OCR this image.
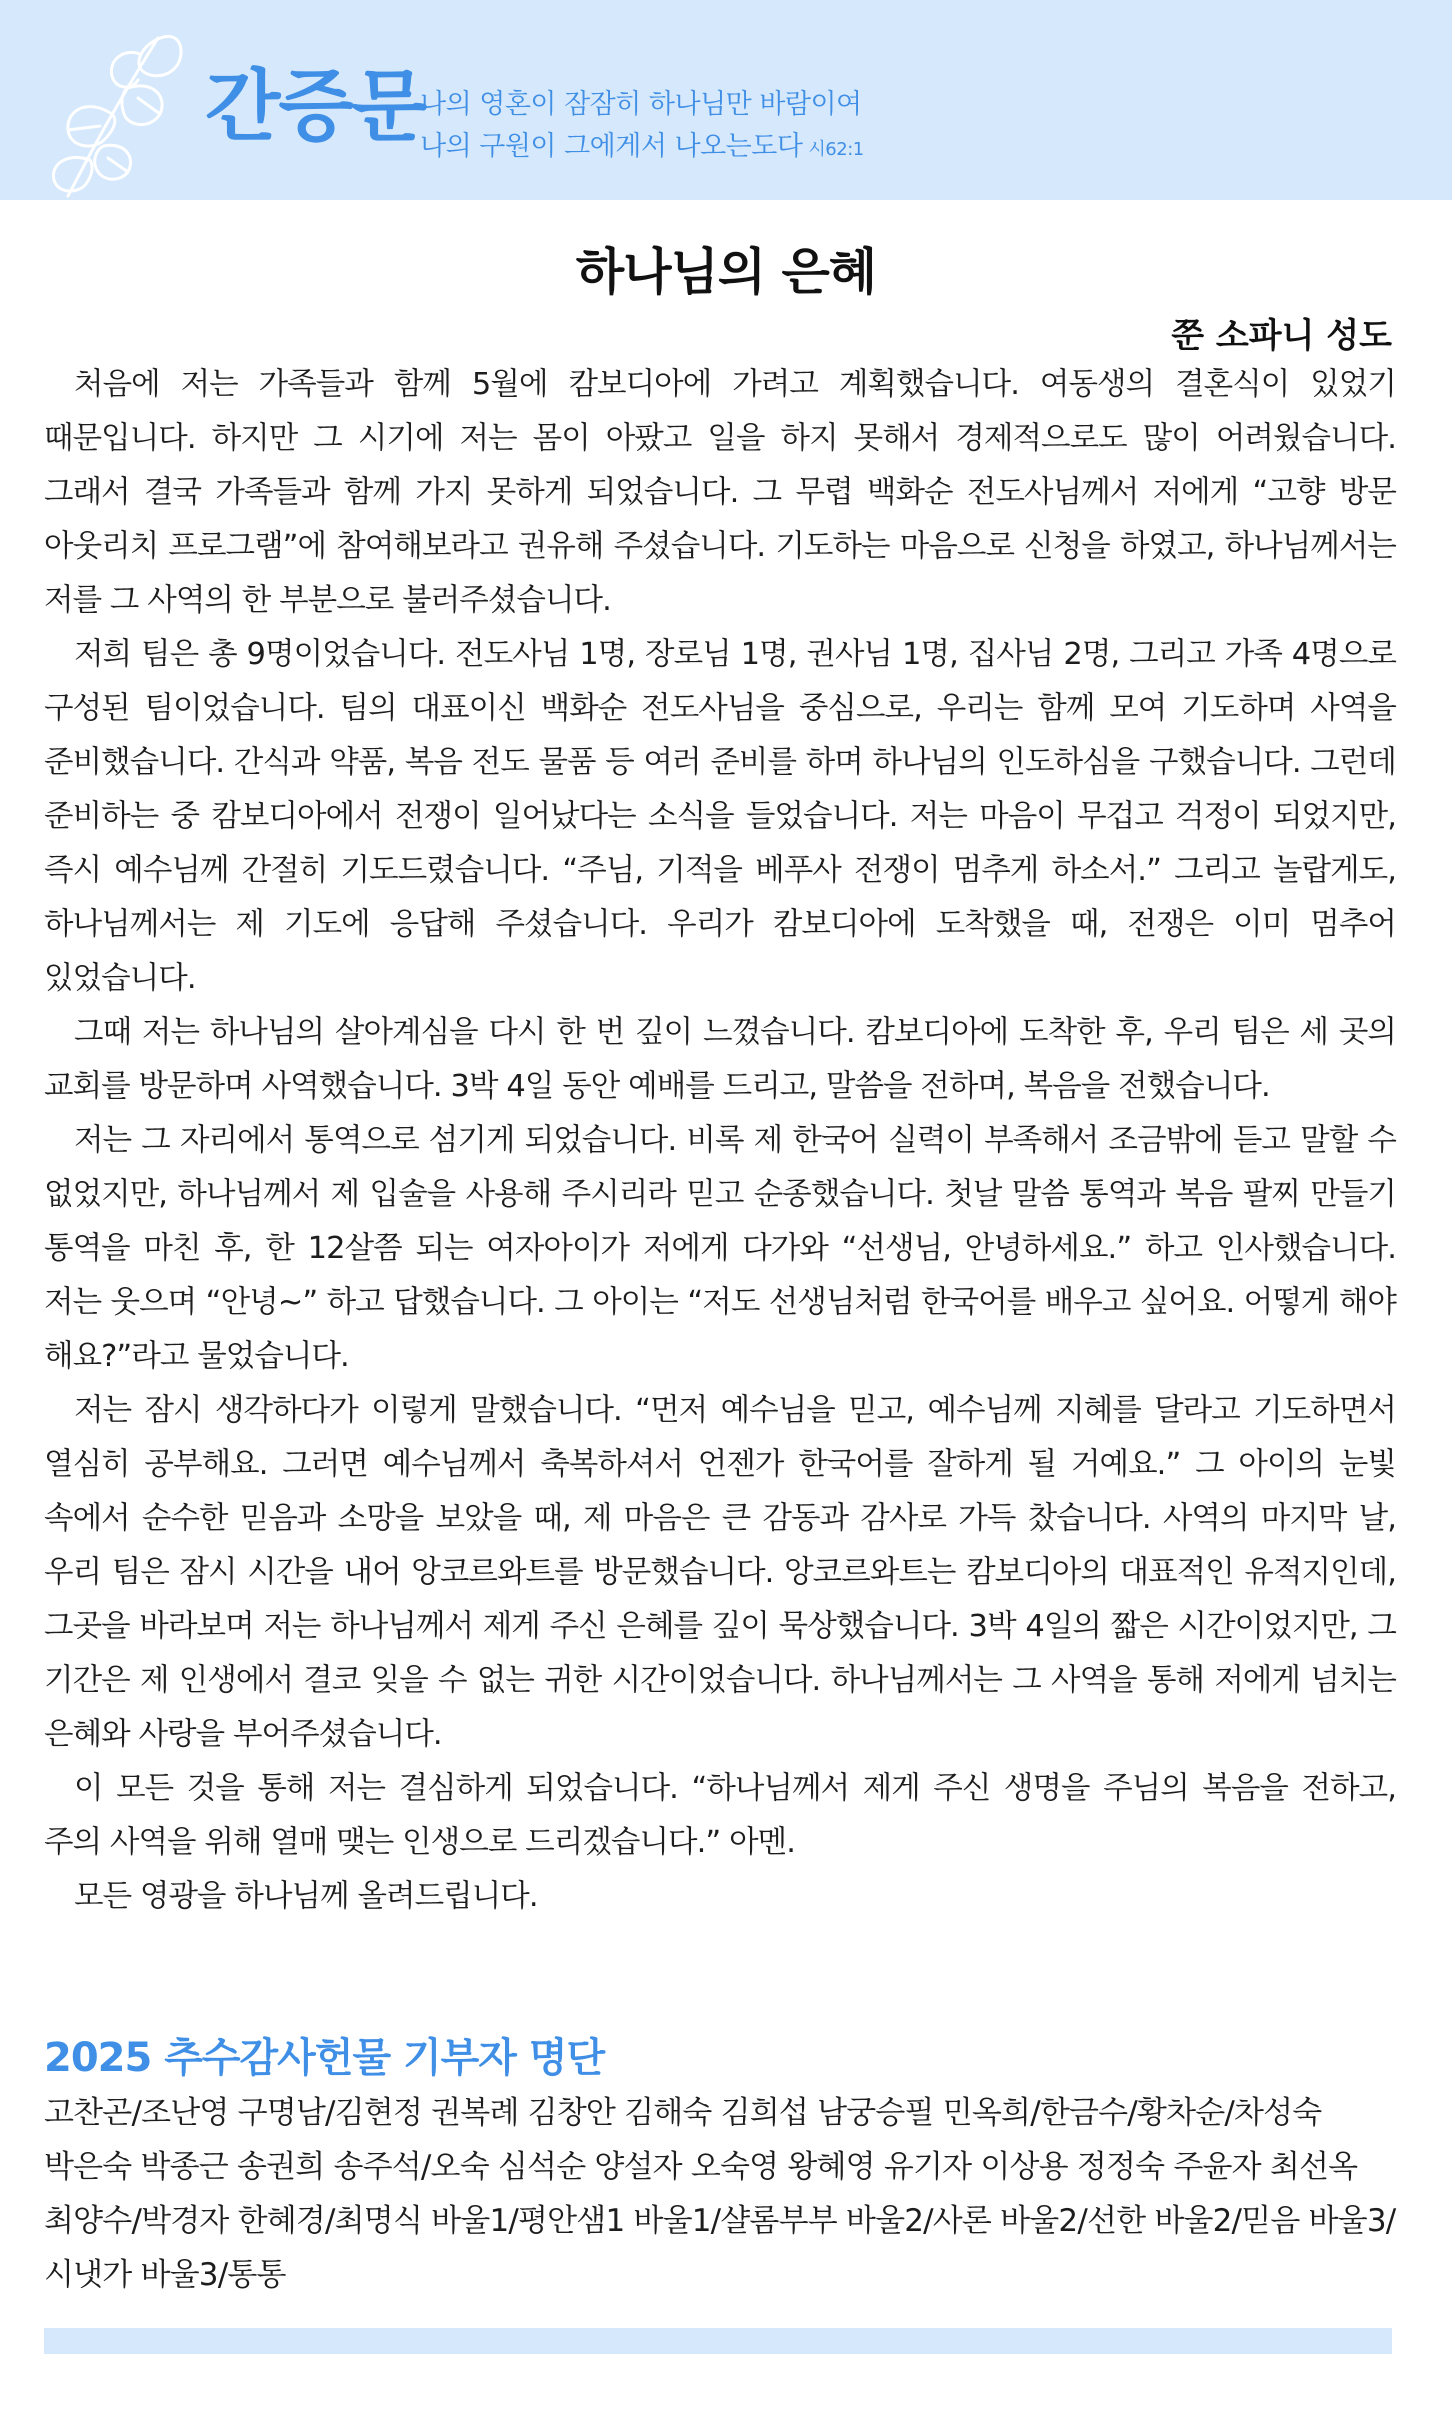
간증문
나의 영혼이 잠잠히 하나님만 바람이여
나의 구원이 그에게서 나오는도다 시62:1
하나님의 은혜
쭌 소파니 성도

처음에 저는 가족들과 함께 5월에 캄보디아에 가려고 계획했습니다. 여동생의 결혼식이 있었기 때문입니다. 하지만 그 시기에 저는 몸이 아팠고 일을 하지 못해서 경제적으로도 많이 어려웠습니다. 그래서 결국 가족들과 함께 가지 못하게 되었습니다. 그 무렵 백화순 전도사님께서 저에게 “고향 방문 아웃리치 프로그램”에 참여해보라고 권유해 주셨습니다. 기도하는 마음으로 신청을 하였고, 하나님께서는 저를 그 사역의 한 부분으로 불러주셨습니다.

저희 팀은 총 9명이었습니다. 전도사님 1명, 장로님 1명, 권사님 1명, 집사님 2명, 그리고 가족 4명으로 구성된 팀이었습니다. 팀의 대표이신 백화순 전도사님을 중심으로, 우리는 함께 모여 기도하며 사역을 준비했습니다. 간식과 약품, 복음 전도 물품 등 여러 준비를 하며 하나님의 인도하심을 구했습니다. 그런데 준비하는 중 캄보디아에서 전쟁이 일어났다는 소식을 들었습니다. 저는 마음이 무겁고 걱정이 되었지만, 즉시 예수님께 간절히 기도드렸습니다. “주님, 기적을 베푸사 전쟁이 멈추게 하소서.” 그리고 놀랍게도, 하나님께서는 제 기도에 응답해 주셨습니다. 우리가 캄보디아에 도착했을 때, 전쟁은 이미 멈추어 있었습니다.

그때 저는 하나님의 살아계심을 다시 한 번 깊이 느꼈습니다. 캄보디아에 도착한 후, 우리 팀은 세 곳의 교회를 방문하며 사역했습니다. 3박 4일 동안 예배를 드리고, 말씀을 전하며, 복음을 전했습니다.

저는 그 자리에서 통역으로 섬기게 되었습니다. 비록 제 한국어 실력이 부족해서 조금밖에 듣고 말할 수 없었지만, 하나님께서 제 입술을 사용해 주시리라 믿고 순종했습니다. 첫날 말씀 통역과 복음 팔찌 만들기 통역을 마친 후, 한 12살쯤 되는 여자아이가 저에게 다가와 “선생님, 안녕하세요.” 하고 인사했습니다. 저는 웃으며 “안녕~” 하고 답했습니다. 그 아이는 “저도 선생님처럼 한국어를 배우고 싶어요. 어떻게 해야 해요?”라고 물었습니다.

저는 잠시 생각하다가 이렇게 말했습니다. “먼저 예수님을 믿고, 예수님께 지혜를 달라고 기도하면서 열심히 공부해요. 그러면 예수님께서 축복하셔서 언젠가 한국어를 잘하게 될 거예요.” 그 아이의 눈빛 속에서 순수한 믿음과 소망을 보았을 때, 제 마음은 큰 감동과 감사로 가득 찼습니다. 사역의 마지막 날, 우리 팀은 잠시 시간을 내어 앙코르와트를 방문했습니다. 앙코르와트는 캄보디아의 대표적인 유적지인데, 그곳을 바라보며 저는 하나님께서 제게 주신 은혜를 깊이 묵상했습니다. 3박 4일의 짧은 시간이었지만, 그 기간은 제 인생에서 결코 잊을 수 없는 귀한 시간이었습니다. 하나님께서는 그 사역을 통해 저에게 넘치는 은혜와 사랑을 부어주셨습니다.

이 모든 것을 통해 저는 결심하게 되었습니다. “하나님께서 제게 주신 생명을 주님의 복음을 전하고, 주의 사역을 위해 열매 맺는 인생으로 드리겠습니다.” 아멘.

모든 영광을 하나님께 올려드립니다.

2025 추수감사헌물 기부자 명단
고찬곤/조난영 구명남/김현정 권복례 김창안 김해숙 김희섭 남궁승필 민옥희/한금수/황차순/차성숙 박은숙 박종근 송권희 송주석/오숙 심석순 양설자 오숙영 왕혜영 유기자 이상용 정정숙 주윤자 최선옥 최양수/박경자 한혜경/최명식 바울1/평안샘1 바울1/샬롬부부 바울2/사론 바울2/선한 바울2/믿음 바울3/시냇가 바울3/통통
